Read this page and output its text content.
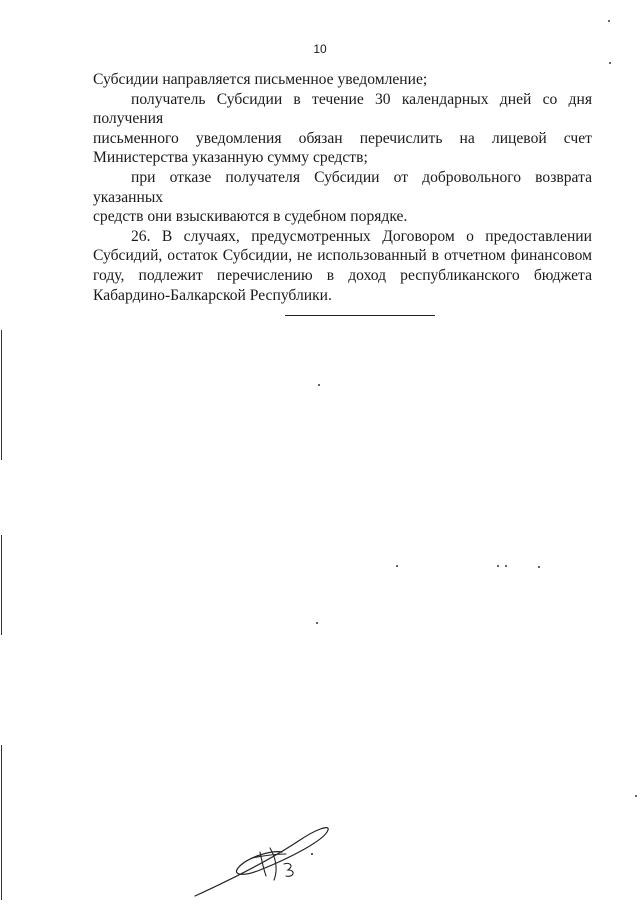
10

Субсидии направляется письменное уведомление;

получатель Субсидии в течение 30 календарных дней со дня получения
письменного уведомления обязан перечислить на лицевой счет
Министерства указанную сумму средств;

при отказе получателя Субсидии от добровольного возврата указанных
средств они взыскиваются в судебном порядке.

26. В случаях, предусмотренных Договором о предоставлении
Субсидий, остаток Субсидии, не использованный в отчетном финансовом
году, подлежит перечислению в доход республиканского бюджета
Кабардино-Балкарской Республики.
